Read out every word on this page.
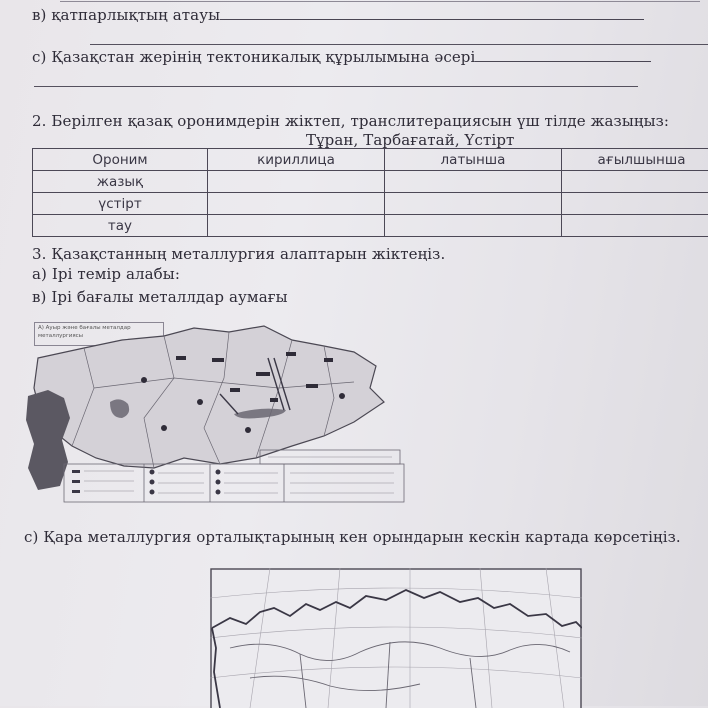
в) қатпарлықтың атауы
с) Қазақстан жерінің тектоникалық құрылымына әсері
2. Берілген қазақ оронимдерін жіктеп, транслитерациясын үш тілде жазыңыз:
Тұран, Тарбағатай, Үстірт
Ороним	кириллица	латынша	ағылшынша
жазық			
үстірт			
тау			
3. Қазақстанның металлургия алаптарын жіктеңіз.
а) Ірі темір алабы:
в) Ірі бағалы металлдар аумағы
А) Ауыр және бағалы металдар металлургиясы
с) Қара металлургия орталықтарының кен орындарын кескін картада көрсетіңіз.
